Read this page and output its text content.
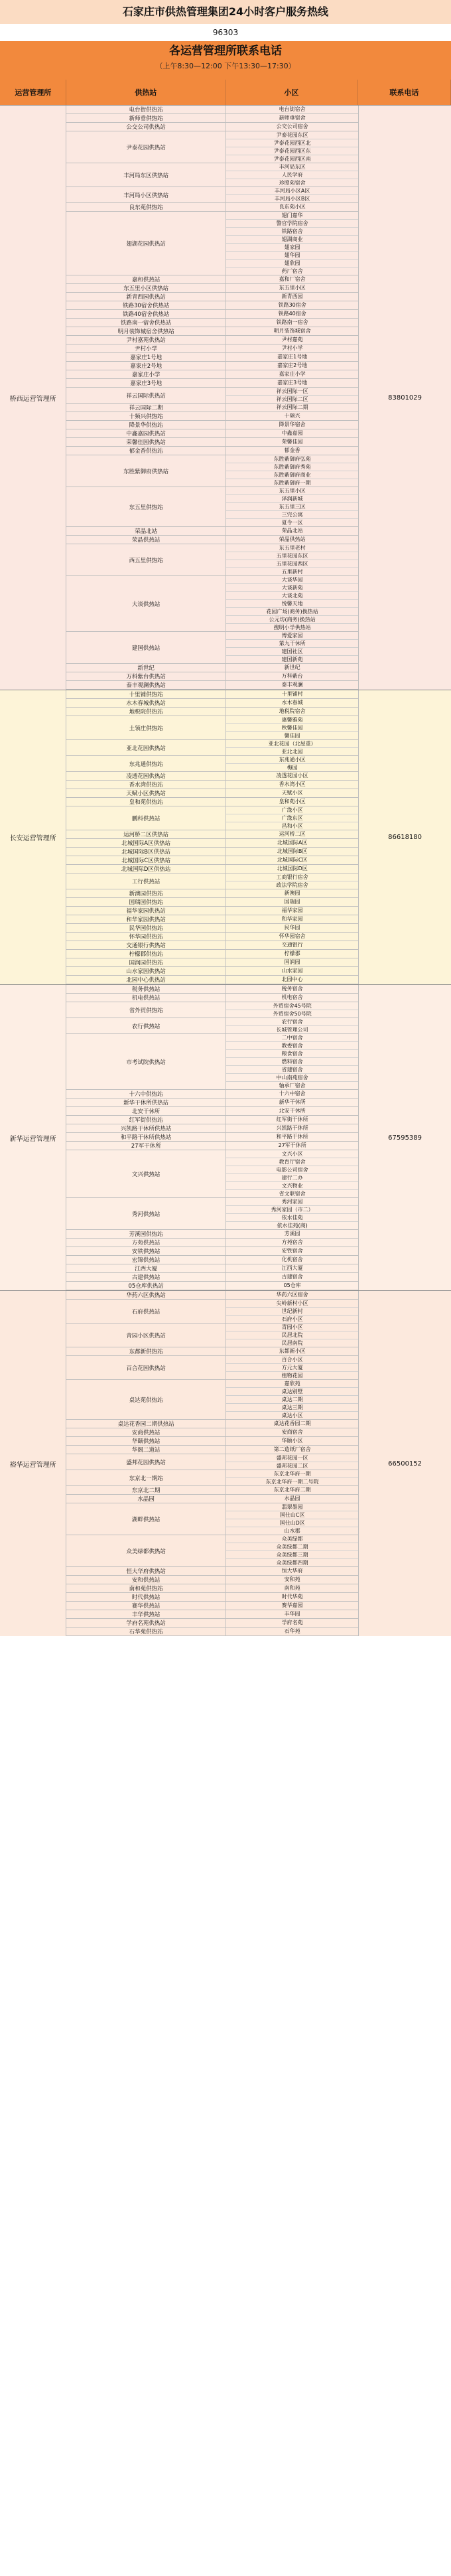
石家庄市供热管理集团24小时客户服务热线
96303
各运营管理所联系电话
（上午8:30—12:00 下午13:30—17:30）
运营管理所	供热站	小区	联系电话
桥西运营管理所
电台街供热站	电台街宿舍
新师垂供热站	新师垂宿舍
公交公司供热站	公交公司宿舍
尹泰花园供热站
尹泰花园东区
尹泰花园西区北
尹泰花园西区东
尹泰花园西区南
丰河局东区供热站
丰河局东区
人民学府
珍照苑宿舍
丰河局小区供热站
丰河局小区A区
丰河局小区B区
良东苑供热站	良东苑小区
翅湖花园供热站
翅门嘉华
警官学院宿舍
铁路宿舍
翅湖商业
翅家园
翅华园
翅欣园
药厂宿舍
嘉和供热站	嘉和厂宿舍
东五里小区供热站	东五里小区
新青西园供热站	新青西园
铁路30宿舍供热站	铁路30宿舍
铁路40宿舍供热站	铁路40宿舍
铁路南一宿舍供热站	铁路南一宿舍
明月装饰城宿舍供热站	明月装饰城宿舍
尹村嘉苑供热站	尹村嘉苑
尹村小学	尹村小学
嘉家庄1号地	嘉家庄1号地
嘉家庄2号地	嘉家庄2号地
嘉家庄小学	嘉家庄小学
嘉家庄3号地	嘉家庄3号地
祥云国际供热站
祥云国际一区
祥云国际二区
祥云国际二期	祥云国际二期
十频兴供热站	十频兴
降景华供热站	降景华宿舍
中鑫嘉园供热站	中鑫嘉园
荣馨佳园供热站	荣馨佳园
郁金香供热站	郁金香
东胜紫御府供热站
东胜紫御府弘苑
东胜紫御府秀苑
东胜紫御府商业
东胜紫御府一期
东五里供热站
东五里小区
泽润新城
东五里三区
三完公寓
夏令一区
荣晶北站	荣晶北站
荣晶供热站	荣晶供热站
西五里供热站
东五里老村
五里花园东区
五里花园西区
五里新村
大谈供热站
大谈华园
大谈新苑
大谈北苑
悦馨天地
花园广场(商务)换热站
公元坊(商务)换热站
搜明小学供热站
建国供热站
博爱家园
第九干休所
建国社区
建国新苑
新世纪	新世纪
万科紫台供热站	万科紫台
泰丰观澜供热站	泰丰观澜
83801029
长安运营管理所
十里铺供热站	十里铺村
水木春城供热站	水木春城
地税院供热站	地税院宿舍
土领庄供热站
康馨雅苑
秋馨佳园
馨佳园
亚北花园供热站
亚北花园（北屋重）
亚北北园
东兆通供热站
东兆通小区
梅园
凌透花园供热站	凌透花园小区
香水湾供热站	香水湾小区
天赋小区供热站	天赋小区
皇和苑供热站	皇和苑小区
鹏科供热站
广缘小区
广缘东区
昌和小区
运河桥二区供热站	运河桥二区
北城国际A区供热站	北城国际A区
北城国际B区供热站	北城国际B区
北城国际C区供热站	北城国际C区
北城国际D区供热站	北城国际D区
工行供热站
工商银行宿舍
政法学院宿舍
新澳园供热站	新澳园
国瑞园供热站	国瑞园
福华家园供热站	福华家园
和华家园供热站	和华家园
民华园供热站	民华园
怀华园供热站	怀华园宿舍
交通银行供热站	交通银行
柠檬郡供热站	柠檬郡
国润园供热站	国润园
山水家园供热站	山水家园
北园中心供热站	北园中心
86618180
新华运营管理所
税务供热站	税务宿舍
机电供热站	机电宿舍
省外贸供热站
外贸宿舍45号院
外贸宿舍50号院
农行供热站
农行宿舍
长城管理公司
市考试院供热站
二中宿舍
教委宿舍
粮食宿舍
燃料宿舍
省建宿舍
中山南苑宿舍
轴承厂宿舍
十六中供热站	十六中宿舍
新华干休所供热站	新华干休所
北安干休所	北安干休所
红军街供热站	红军街干休所
兴凯路干休所供热站	兴凯路干休所
和平路干休所供热站	和平路干休所
27军干休所	27军干休所
文兴供热站
文兴小区
教育厅宿舍
电影公司宿舍
建行二办
文兴物业
省文联宿舍
秀河供热站
秀河家园
秀河家园（市二）
依水佳苑
依水佳苑(商)
芳溪园供热站	芳溪园
方苑供热站	方苑宿舍
安铁供热站	安铁宿舍
宏锦供热站	化机宿舍
江西大厦	江西大厦
古建供热站	古建宿舍
05仓库供热站	05仓库
67595389
裕华运营管理所
华药六区供热站	华药六区宿舍
石府供热站
尖岭新村小区
世纪新村
石府小区
青园小区供热站
青园小区
民居北院
民居南院
东都新供热站	东都新小区
百合花园供热站
百合小区
方元大厦
植物花园
桌达苑供热站
嘉欣苑
桌达别墅
桌达二期
桌达三期
桌达小区
桌达花香园二期供热站	桌达花香园二期
安商供热站	安商宿舍
华颐供热站	华颐小区
华阁二道站	第二造纸厂宿舍
盛邦花园供热站
盛邦花园一区
盛邦花园二区
东京北一期站
东京北华府一期
东京北华府一期二号院
东京北二期	东京北华府二期
水晶园	水晶园
湖畔供热站
翡翠墨园
国仕山C区
国仕山D区
山水郡
众美绿都供热站
众美绿都
众美绿都二期
众美绿都三期
众美绿都四期
恒大华府供热站	恒大华府
安和供热站	安和苑
南和苑供热站	南和苑
时代供热站	时代华苑
赛华供热站	赛华嘉园
丰华供热站	丰华园
学府名苑供热站	学府名苑
石华苑供热站	石华苑
66500152
